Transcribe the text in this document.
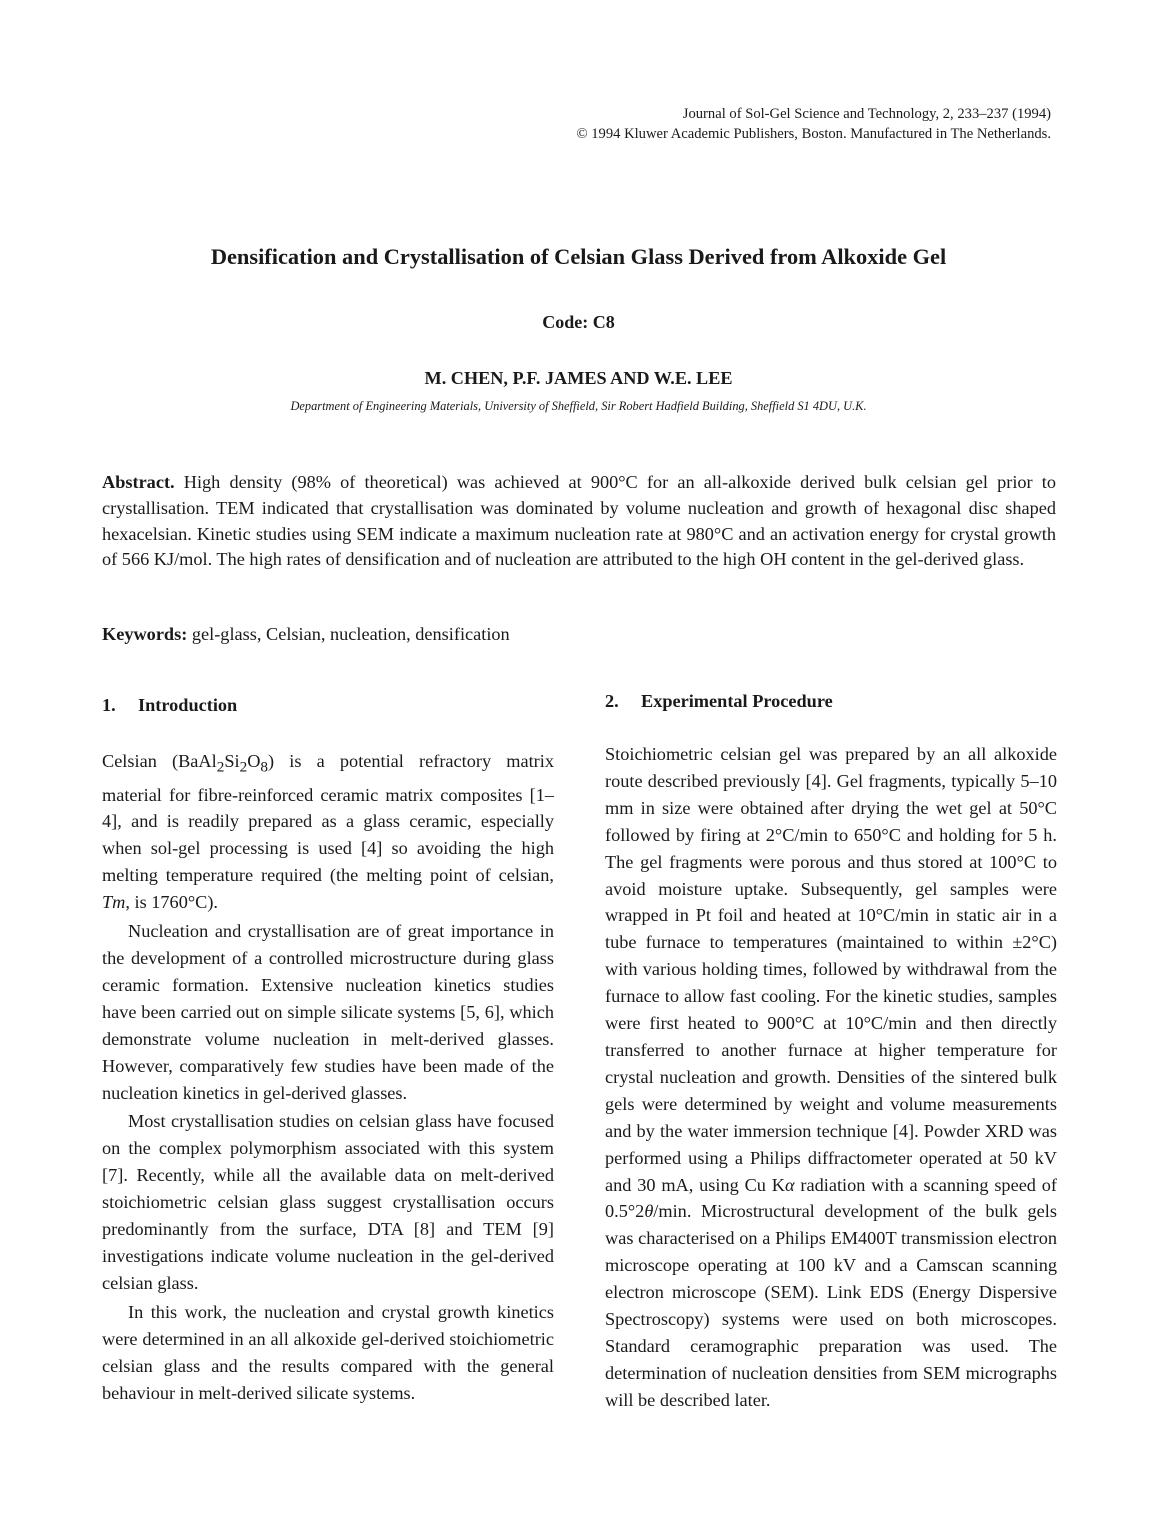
Journal of Sol-Gel Science and Technology, 2, 233–237 (1994)
© 1994 Kluwer Academic Publishers, Boston. Manufactured in The Netherlands.
Densification and Crystallisation of Celsian Glass Derived from Alkoxide Gel
Code: C8
M. CHEN, P.F. JAMES AND W.E. LEE
Department of Engineering Materials, University of Sheffield, Sir Robert Hadfield Building, Sheffield S1 4DU, U.K.

Abstract. High density (98% of theoretical) was achieved at 900°C for an all-alkoxide derived bulk celsian gel prior to crystallisation. TEM indicated that crystallisation was dominated by volume nucleation and growth of hexagonal disc shaped hexacelsian. Kinetic studies using SEM indicate a maximum nucleation rate at 980°C and an activation energy for crystal growth of 566 KJ/mol. The high rates of densification and of nucleation are attributed to the high OH content in the gel-derived glass.

Keywords: gel-glass, Celsian, nucleation, densification

1. Introduction

Celsian $(BaAl_2Si_2O_8)$ is a potential refractory matrix material for fibre-reinforced ceramic matrix composites [1–4], and is readily prepared as a glass ceramic, especially when sol-gel processing is used [4] so avoiding the high melting temperature required (the melting point of celsian, Tm, is 1760°C).

Nucleation and crystallisation are of great importance in the development of a controlled microstructure during glass ceramic formation. Extensive nucleation kinetics studies have been carried out on simple silicate systems [5, 6], which demonstrate volume nucleation in melt-derived glasses. However, comparatively few studies have been made of the nucleation kinetics in gel-derived glasses.

Most crystallisation studies on celsian glass have focused on the complex polymorphism associated with this system [7]. Recently, while all the available data on melt-derived stoichiometric celsian glass suggest crystallisation occurs predominantly from the surface, DTA [8] and TEM [9] investigations indicate volume nucleation in the gel-derived celsian glass.

In this work, the nucleation and crystal growth kinetics were determined in an all alkoxide gel-derived stoichiometric celsian glass and the results compared with the general behaviour in melt-derived silicate systems.

2. Experimental Procedure

Stoichiometric celsian gel was prepared by an all alkoxide route described previously [4]. Gel fragments, typically 5–10 mm in size were obtained after drying the wet gel at 50°C followed by firing at 2°C/min to 650°C and holding for 5 h. The gel fragments were porous and thus stored at 100°C to avoid moisture uptake. Subsequently, gel samples were wrapped in Pt foil and heated at 10°C/min in static air in a tube furnace to temperatures (maintained to within ±2°C) with various holding times, followed by withdrawal from the furnace to allow fast cooling. For the kinetic studies, samples were first heated to 900°C at 10°C/min and then directly transferred to another furnace at higher temperature for crystal nucleation and growth. Densities of the sintered bulk gels were determined by weight and volume measurements and by the water immersion technique [4]. Powder XRD was performed using a Philips diffractometer operated at 50 kV and 30 mA, using Cu Kα radiation with a scanning speed of 0.5°2θ/min. Microstructural development of the bulk gels was characterised on a Philips EM400T transmission electron microscope operating at 100 kV and a Camscan scanning electron microscope (SEM). Link EDS (Energy Dispersive Spectroscopy) systems were used on both microscopes. Standard ceramographic preparation was used. The determination of nucleation densities from SEM micrographs will be described later.
